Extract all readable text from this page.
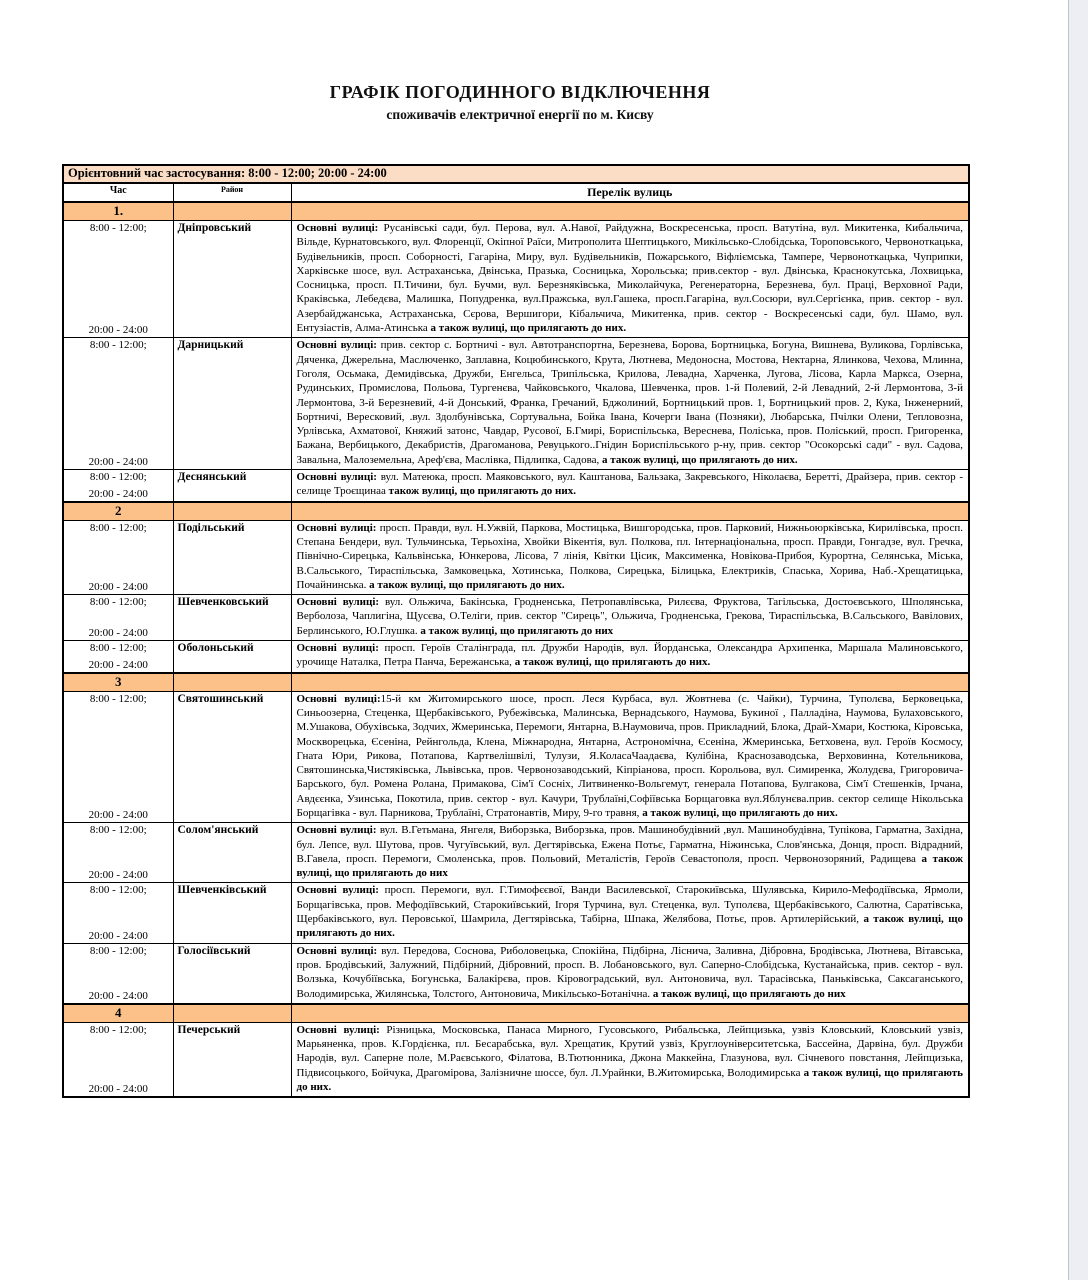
ГРАФІК ПОГОДИННОГО ВІДКЛЮЧЕННЯ
споживачів електричної енергії по м. Кисву
Орієнтовний час застосування: 8:00 - 12:00; 20:00 - 24:00		
Час	Район	Перелік вулиць
1.		

8:00 - 12:00;
20:00 - 24:00	Дніпровський	Основні вулиці: Русанівські сади, бул. Перова, вул. А.Навої, Райдужна, Воскресенська, просп. Ватутіна, вул. Микитенка, Кибальчича, Вільде, Курнатовського, вул. Флоренції, Окіпної Раїси, Митрополита Шептицького, Микільсько-Слобідська, Тороповського, Червоноткацька, Будівельників, просп. Соборності, Гагаріна, Миру, вул. Будівельників, Пожарського, Віфліємська, Тампере, Червоноткацька, Чуприпки, Харківське шосе, вул. Астраханська, Двінська, Празька, Сосницька, Хорольська; прив.сектор - вул. Двінська, Краснокутська, Лохвицька, Сосницька, просп. П.Тичини, бул. Бучми, вул. Березняківська, Миколайчука, Регенераторна, Березнева, бул. Праці, Верховної Ради, Краківська, Лебедєва, Малишка, Попудренка, вул.Пражська, вул.Гашека, просп.Гагаріна, вул.Сосюри, вул.Сергієнка, прив. сектор - вул. Азербайджанська, Астраханська, Сєрова, Вершигори, Кібальчича, Микитенка, прив. сектор - Воскресенські сади, бул. Шамо, вул. Ентузіастів, Алма-Атинська а також вулиці, що прилягають до них.

8:00 - 12:00;
20:00 - 24:00	Дарницький	Основні вулиці: прив. сектор с. Бортничі - вул. Автотранспортна, Березнева, Борова, Бортницька, Богуна, Вишнева, Вуликова, Горлівська, Дяченка, Джерельна, Маслюченко, Заплавна, Коцюбинського, Крута, Лютнева, Медоносна, Мостова, Нектарна, Ялинкова, Чехова, Млинна, Гоголя, Осьмака, Демидівська, Дружби, Енгельса, Трипільська, Крилова, Левадна, Харченка, Лугова, Лісова, Карла Маркса, Озерна, Рудинських, Промислова, Польова, Тургенєва, Чайковського, Чкалова, Шевченка, пров. 1-й Полевий, 2-й Левадний, 2-й Лермонтова, 3-й Лермонтова, 3-й Березневий, 4-й Донський, Франка, Гречаний, Бджолиний, Бортницький пров. 1, Бортницький пров. 2, Кука, Інженерний, Бортничі, Вересковий, .вул. Здолбунівська, Сортувальна, Бойка Івана, Кочерги Івана (Позняки), Любарська, Пчілки Олени, Тепловозна, Урлівська, Ахматової, Княжий затонс, Чавдар, Русової, Б.Гмирі, Бориспільська, Вереснева, Поліська, пров. Поліський, просп. Григоренка, Бажана, Вербицького, Декабристів, Драгоманова, Ревуцького..Гнідин Бориспільського р-ну, прив. сектор "Осокорські сади" - вул. Садова, Завальна, Малоземельна, Ареф'єва, Маслівка, Підлипка, Садова, а також вулиці, що прилягають до них.

8:00 - 12:00;
20:00 - 24:00	Деснянський	Основні вулиці: вул. Матеюка, просп. Маяковського, вул. Каштанова, Бальзака, Закревського, Ніколаєва, Беретті, Драйзера, прив. сектор - селище Троєщинаа також вулиці, що прилягають до них.
2		

8:00 - 12:00;
20:00 - 24:00	Подільський	Основні вулиці: просп. Правди, вул. Н.Ужвій, Паркова, Мостицька, Вишгородська, пров. Парковий, Нижньоюрківська, Кирилівська, просп. Степана Бендери, вул. Тульчинська, Терьохіна, Хвойки Вікентія, вул. Полкова, пл. Інтернаціональна, просп. Правди, Гонгадзе, вул. Гречка, Північно-Сирецька, Кальвінська, Юнкерова, Лісова, 7 лінія, Квітки Цісик, Максименка, Новікова-Прибоя, Курортна, Селянська, Міська, В.Сальського, Тираспільська, Замковецька, Хотинська, Полкова, Сирецька, Білицька, Електриків, Спаська, Хорива, Наб.-Хрещатицька, Почайнинська. а також вулиці, що прилягають до них.

8:00 - 12:00;
20:00 - 24:00	Шевченковський	Основні вулиці: вул. Ольжича, Бакінська, Гродненська, Петропавлівська, Рилєєва, Фруктова, Тагільська, Достоєвського, Шполянська, Верболоза, Чаплигіна, Щусєва, О.Теліги, прив. сектор "Сирець", Ольжича, Гродненська, Грекова, Тираспільська, В.Сальського, Вавілових, Берлинського, Ю.Глушка. а також вулиці, що прилягають до них

8:00 - 12:00;
20:00 - 24:00	Оболоньський	Основні вулиці: просп. Героїв Сталінграда, пл. Дружби Народів, вул. Йорданська, Олександра Архипенка, Маршала Малиновського, урочище Наталка, Петра Панча, Бережанська, а також вулиці, що прилягають до них.
3		

8:00 - 12:00;
20:00 - 24:00	Святошинський	Основні вулиці:15-й км Житомирського шосе, просп. Леся Курбаса, вул. Жовтнева (с. Чайки), Турчина, Туполєва, Берковецька, Синьоозерна, Стеценка, Щербаківського, Рубежівська, Малинська, Вернадського, Наумова, Букиної , Палладіна, Наумова, Булаховського, М.Ушакова, Обухівська, Зодчих, Жмеринська, Перемоги, Янтарна, В.Наумовича, пров. Прикладний, Блока, Драй-Хмари, Костюка, Кіровська, Москворецька, Єсеніна, Рейнгольда, Клена, Міжнародна, Янтарна, Астрономічна, Єсеніна, Жмеринська, Бетховена, вул. Героїв Космосу, Гната Юри, Рикова, Потапова, Картвелішвілі, Тулузи, Я.КоласаЧаадаєва, Кулібіна, Краснозаводська, Верховинна, Котельникова, Святошинська,Чистяківська, Львівська, пров. Червонозаводський, Кіпріанова, просп. Корольова, вул. Симиренка, Жолудєва, Григоровича-Барського, бул. Ромена Ролана, Примакова, Сім'ї Сосніх, Литвиненко-Вольгемут, генерала Потапова, Булгакова, Сім'ї Стешенків, Ірчана, Авдєєнка, Узинська, Покотила, прив. сектор - вул. Качури, Трублаїні,Софіївська Борщаговка вул.Яблунєва.прив. сектор селище Нікольська Борщагівка - вул. Парникова, Трублаїні, Стратонавтів, Миру, 9-го травня, а також вулиці, що прилягають до них.

8:00 - 12:00;
20:00 - 24:00	Солом'янський	Основні вулиці: вул. В.Гетьмана, Янгеля, Виборзька, Виборзька, пров. Машинобудівний ,вул. Машинобудівна, Тупікова, Гарматна, Західна, бул. Лепсе, вул. Шутова, пров. Чугуївський, вул. Дегтярівська, Ежена Потьє, Гарматна, Ніжинська, Слов'янська, Донця, просп. Відрадний, В.Гавела, просп. Перемоги, Смоленська, пров. Польовий, Металістів, Героїв Севастополя, просп. Червонозоряний, Радищева а також вулиці, що прилягають до них

8:00 - 12:00;
20:00 - 24:00	Шевченківський	Основні вулиці: просп. Перемоги, вул. Г.Тимофєєвої, Ванди Василевської, Старокиївська, Шулявська, Кирило-Мефодіївська, Ярмоли, Борщагівська, пров. Мефодіївський, Старокиївський, Ігоря Турчина, вул. Стеценка, вул. Туполєва, Щербаківського, Салютна, Саратівська, Щербаківського, вул. Перовської, Шамрила, Дегтярівська, Табірна, Шпака, Желябова, Потьє, пров. Артилерійський, а також вулиці, що прилягають до них.

8:00 - 12:00;
20:00 - 24:00	Голосіївський	Основні вулиці: вул. Передова, Соснова, Риболовецька, Спокійна, Підбірна, Ліснича, Заливна, Дібровна, Бродівська, Лютнева, Вітавська, пров. Бродівський, Залужний, Підбірний, Дібровний, просп. В. Лобановського, вул. Саперно-Слобідська, Кустанайська, прив. сектор - вул. Волзька, Кочубіївська, Богунська, Балакірєва, пров. Кіровоградський, вул. Антоновича, вул. Тарасівська, Паньківська, Саксаганського, Володимирська, Жилянська, Толстого, Антоновича, Микільсько-Ботанічна. а також вулиці, що прилягають до них
4		

8:00 - 12:00;
20:00 - 24:00	Печерський	Основні вулиці: Різницька, Московська, Панаса Мирного, Гусовського, Рибальська, Лейпцизька, узвіз Кловський, Кловський узвіз, Марьяненка, пров. К.Гордієнка, пл. Бесарабська, вул. Хрещатик, Крутий узвіз, Круглоуніверситетська, Бассейна, Дарвіна, бул. Дружби Народів, вул. Саперне поле, М.Раєвського, Філатова, В.Тютюнника, Джона Маккейна, Глазунова, вул. Січневого повстання, Лейпцизька, Підвисоцького, Бойчука, Драгомірова, Залізничне шоссе, бул. Л.Урайнки, В.Житомирська, Володимирська а також вулиці, що прилягають до них.
